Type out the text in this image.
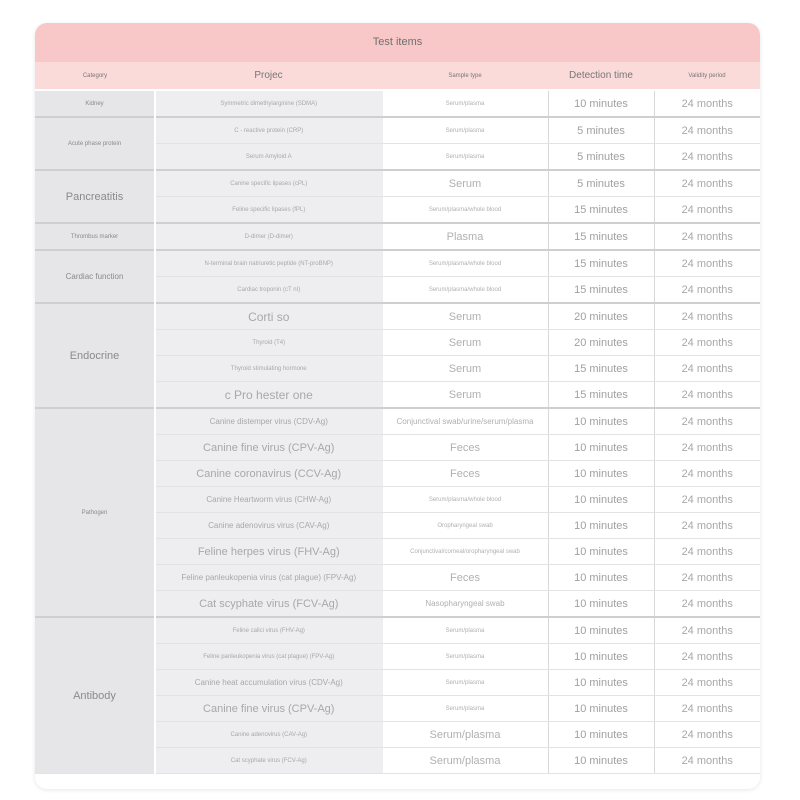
Test items
Category	Projec	Sample type	Detection time	Validity period
Kidney	Symmetric dimethylarginine (SDMA)	Serum/plasma	10 minutes	24 months
Acute phase protein	C - reactive protein (CRP)	Serum/plasma	5 minutes	24 months
	Serum Amyloid A	Serum/plasma	5 minutes	24 months
Pancreatitis	Canine specific lipases (cPL)	Serum	5 minutes	24 months
	Feline specific lipases (fPL)	Serum/plasma/whole blood	15 minutes	24 months
Thrombus marker	D-dimer (D-dimer)	Plasma	15 minutes	24 months
Cardiac function	N-terminal brain natriuretic peptide (NT-proBNP)	Serum/plasma/whole blood	15 minutes	24 months
	Cardiac troponin (cT nI)	Serum/plasma/whole blood	15 minutes	24 months
Endocrine	Corti so	Serum	20 minutes	24 months
	Thyroid (T4)	Serum	20 minutes	24 months
	Thyroid stimulating hormone	Serum	15 minutes	24 months
	c Pro hester one	Serum	15 minutes	24 months
Pathogen	Canine distemper virus (CDV-Ag)	Conjunctival swab/urine/serum/plasma	10 minutes	24 months
	Canine fine virus (CPV-Ag)	Feces	10 minutes	24 months
	Canine coronavirus (CCV-Ag)	Feces	10 minutes	24 months
	Canine Heartworm virus (CHW-Ag)	Serum/plasma/whole blood	10 minutes	24 months
	Canine adenovirus virus (CAV-Ag)	Oropharyngeal swab	10 minutes	24 months
	Feline herpes virus (FHV-Ag)	Conjunctival/corneal/oropharyngeal swab	10 minutes	24 months
	Feline panleukopenia virus (cat plague) (FPV-Ag)	Feces	10 minutes	24 months
	Cat scyphate virus (FCV-Ag)	Nasopharyngeal swab	10 minutes	24 months
Antibody	Feline calici virus (FHV-Ag)	Serum/plasma	10 minutes	24 months
	Feline panleukopenia virus (cat plague) (FPV-Ag)	Serum/plasma	10 minutes	24 months
	Canine heat accumulation virus (CDV-Ag)	Serum/plasma	10 minutes	24 months
	Canine fine virus (CPV-Ag)	Serum/plasma	10 minutes	24 months
	Canine adenovirus (CAV-Ag)	Serum/plasma	10 minutes	24 months
	Cat scyphate virus (FCV-Ag)	Serum/plasma	10 minutes	24 months
